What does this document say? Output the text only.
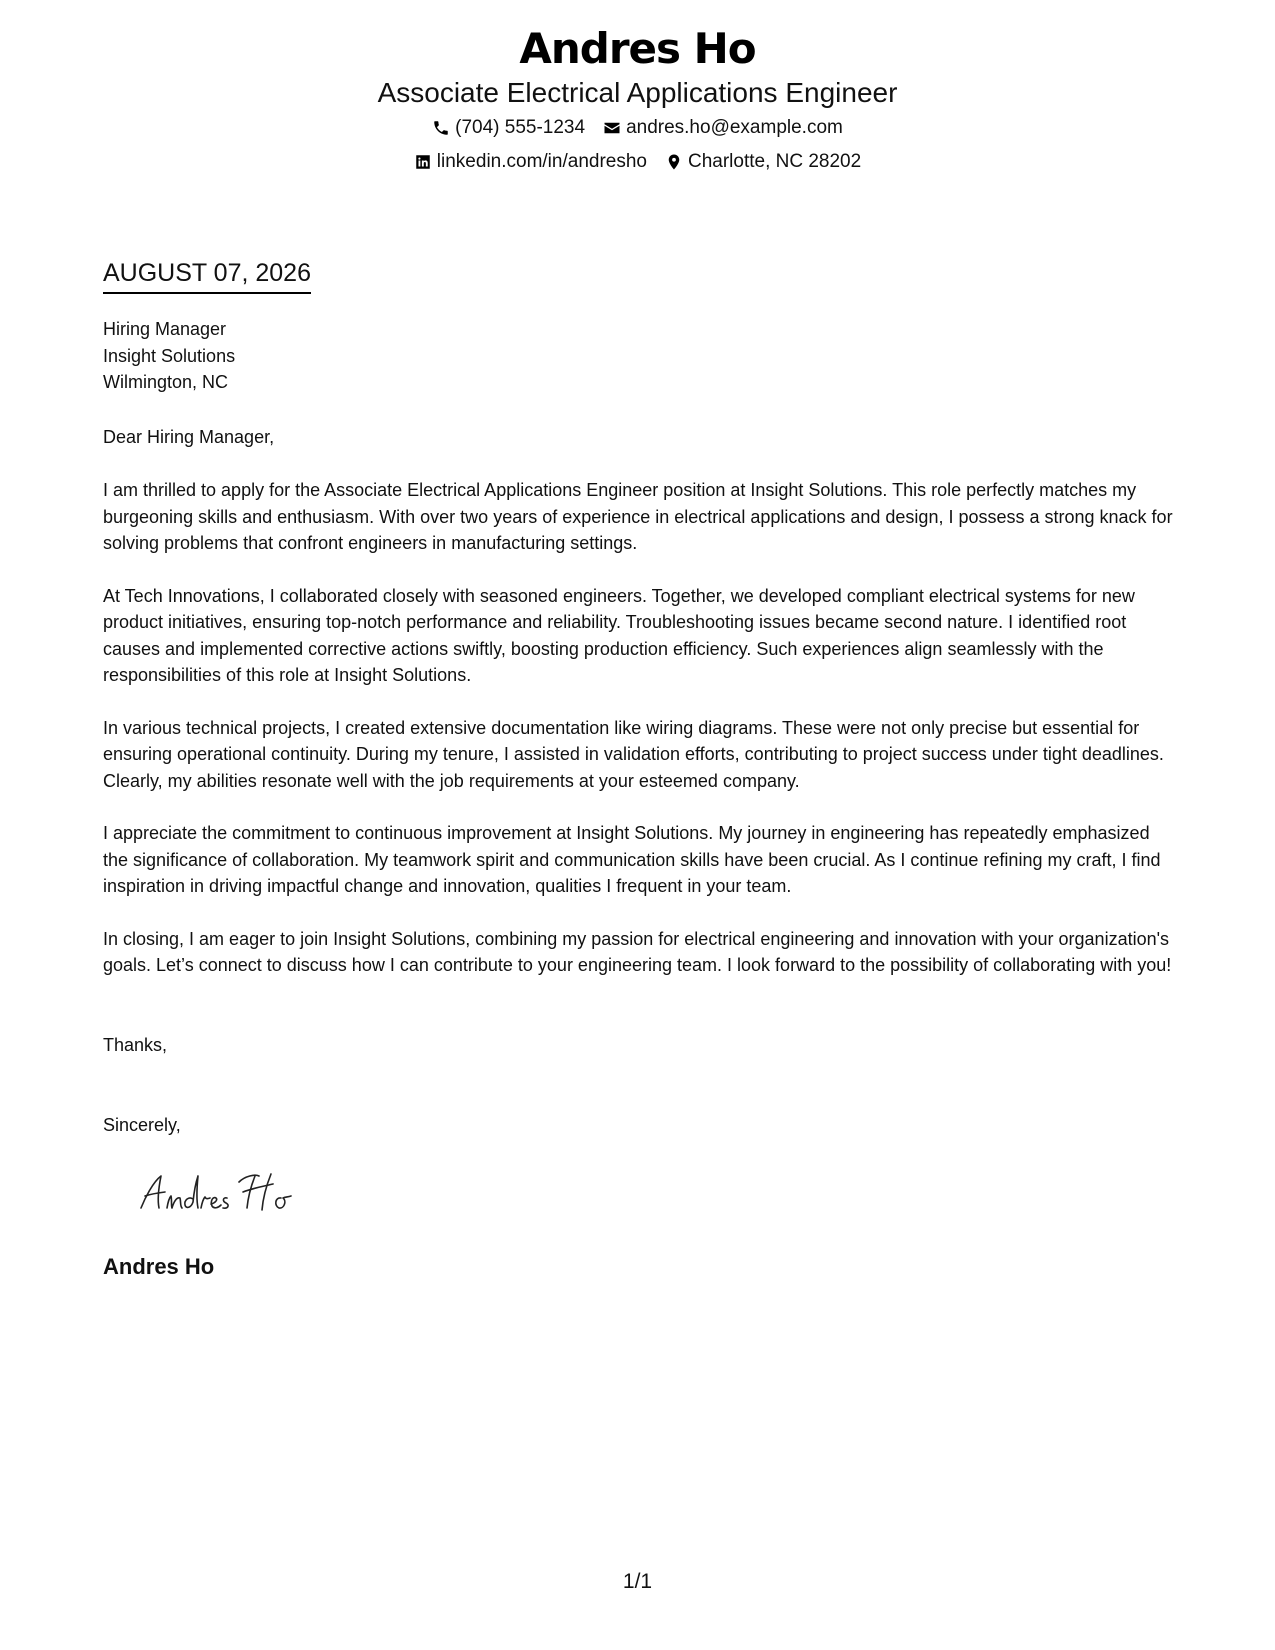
Andres Ho
Associate Electrical Applications Engineer
(704) 555-1234 andres.ho@example.com
linkedin.com/in/andresho Charlotte, NC 28202
AUGUST 07, 2026
Hiring Manager
Insight Solutions
Wilmington, NC
Dear Hiring Manager,

I am thrilled to apply for the Associate Electrical Applications Engineer position at Insight Solutions. This role perfectly matches my burgeoning skills and enthusiasm. With over two years of experience in electrical applications and design, I possess a strong knack for solving problems that confront engineers in manufacturing settings.

At Tech Innovations, I collaborated closely with seasoned engineers. Together, we developed compliant electrical systems for new product initiatives, ensuring top-notch performance and reliability. Troubleshooting issues became second nature. I identified root causes and implemented corrective actions swiftly, boosting production efficiency. Such experiences align seamlessly with the responsibilities of this role at Insight Solutions.

In various technical projects, I created extensive documentation like wiring diagrams. These were not only precise but essential for ensuring operational continuity. During my tenure, I assisted in validation efforts, contributing to project success under tight deadlines. Clearly, my abilities resonate well with the job requirements at your esteemed company.

I appreciate the commitment to continuous improvement at Insight Solutions. My journey in engineering has repeatedly emphasized the significance of collaboration. My teamwork spirit and communication skills have been crucial. As I continue refining my craft, I find inspiration in driving impactful change and innovation, qualities I frequent in your team.

In closing, I am eager to join Insight Solutions, combining my passion for electrical engineering and innovation with your organization's goals. Let’s connect to discuss how I can contribute to your engineering team. I look forward to the possibility of collaborating with you!

Thanks,
Sincerely,
Andres Ho
1/1
